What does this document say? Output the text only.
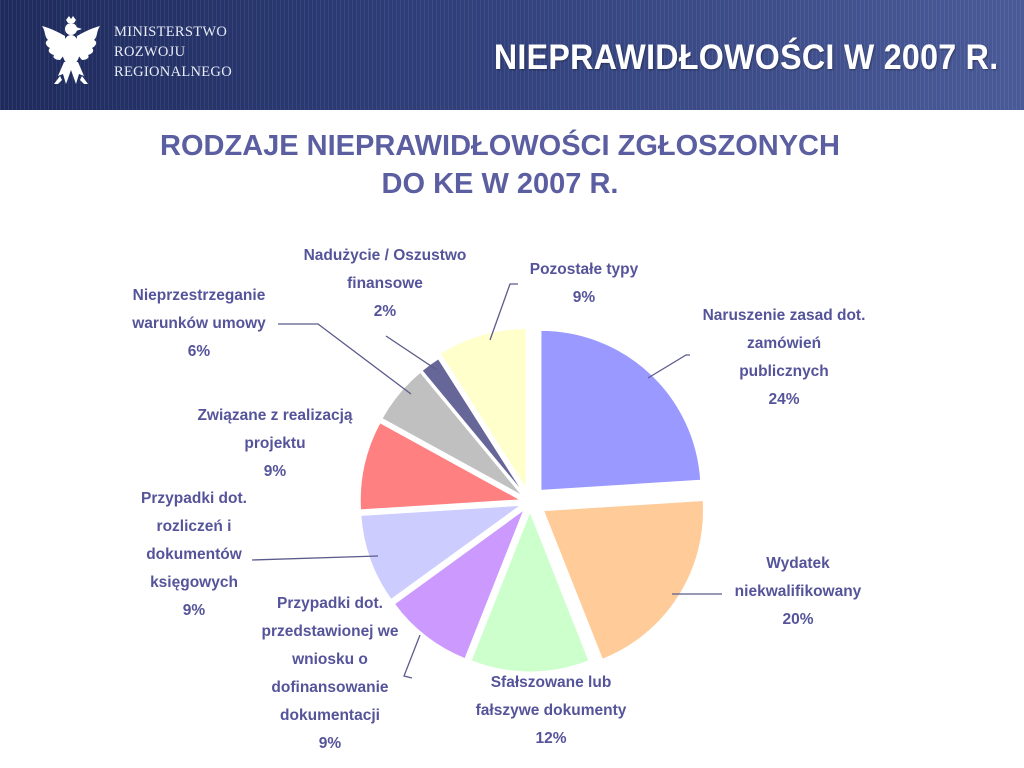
MINISTERSTWO
ROZWOJU
REGIONALNEGO	NIEPRAWIDŁOWOŚCI W 2007 R.
RODZAJE NIEPRAWIDŁOWOŚCI ZGŁOSZONYCH
DO KE W 2007 R.
Naruszenie zasad dot.
zamówień
publicznych
24%
Wydatek
niekwalifikowany
20%
Sfałszowane lub
fałszywe dokumenty
12%
Przypadki dot.
przedstawionej we
wniosku o
dofinansowanie
dokumentacji
9%
Przypadki dot.
rozliczeń i
dokumentów
księgowych
9%
Związane z realizacją
projektu
9%
Nieprzestrzeganie
warunków umowy
6%
Nadużycie / Oszustwo
finansowe
2%
Pozostałe typy
9%
